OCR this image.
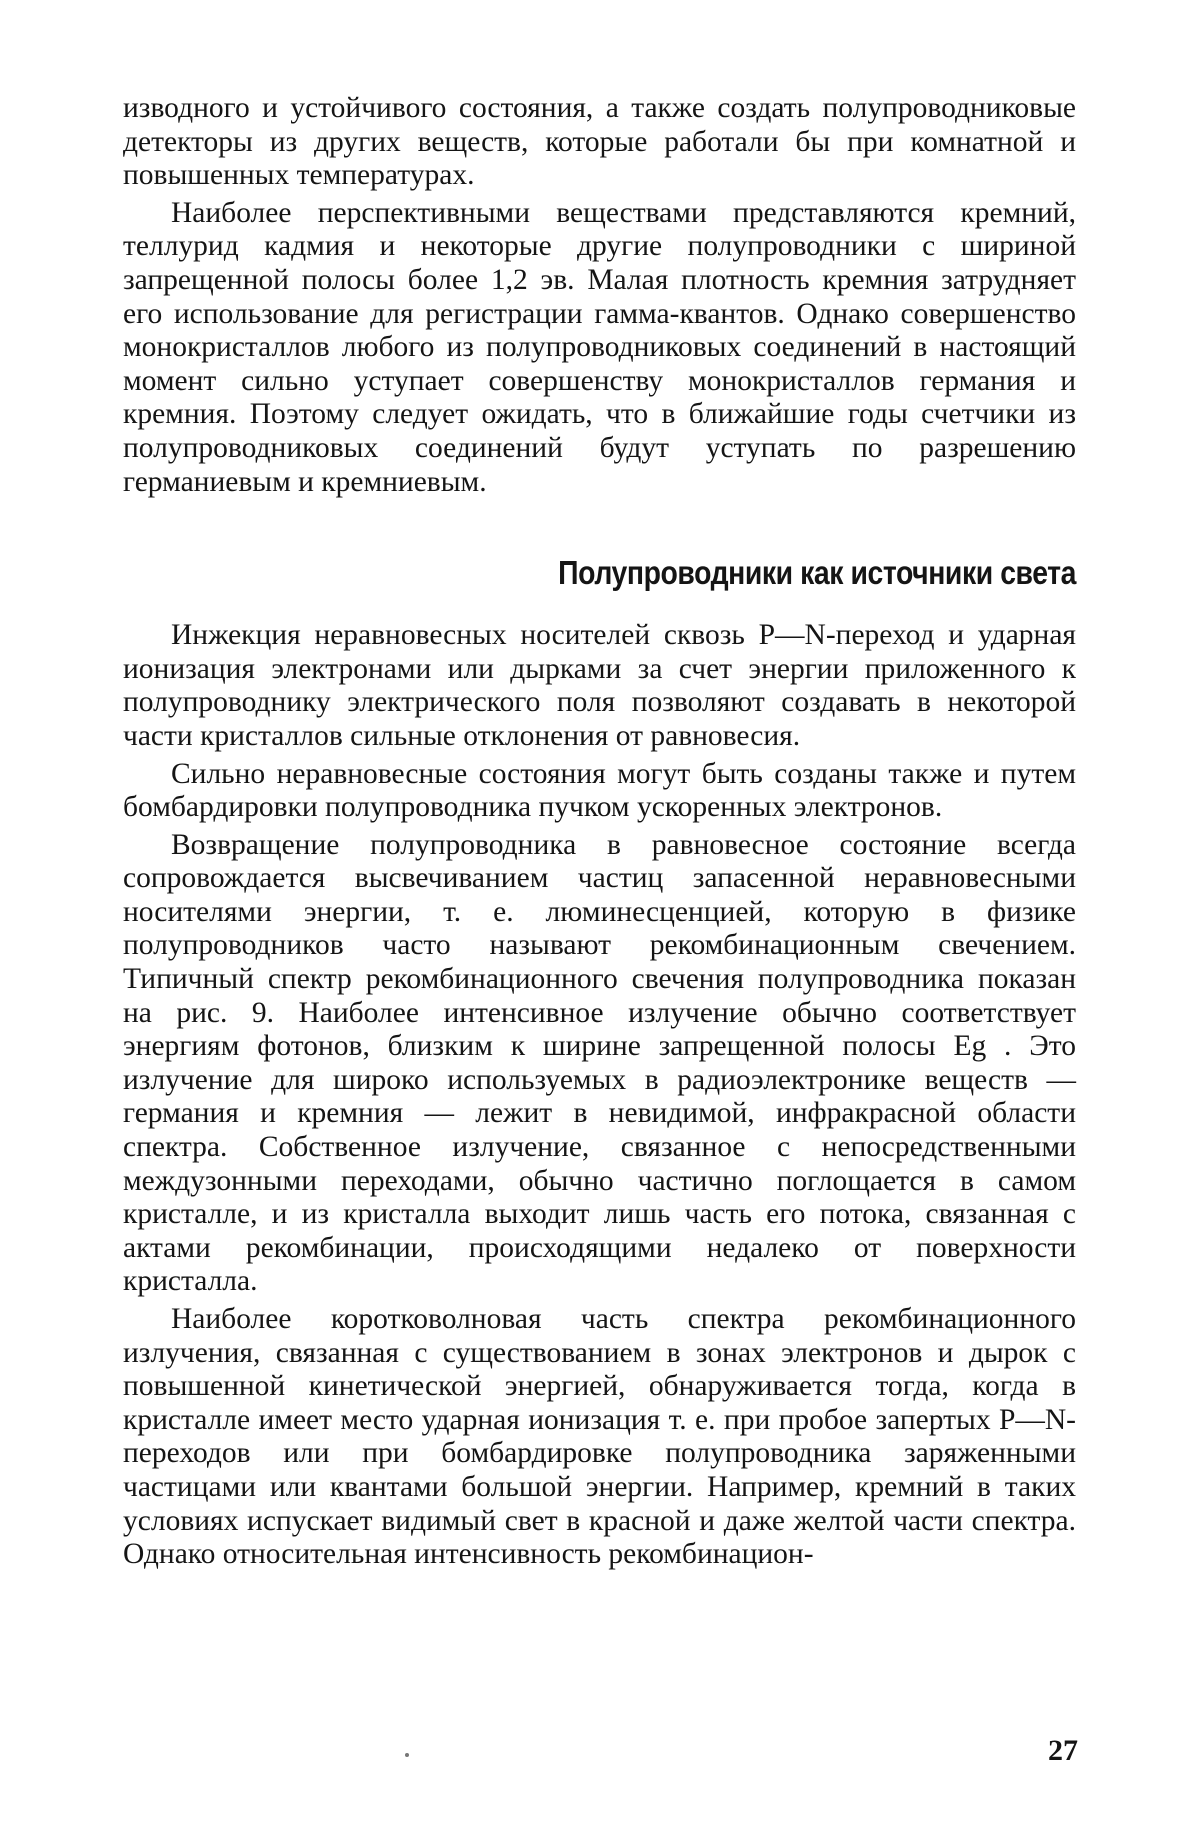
изводного и устойчивого состояния, а также создать полупроводниковые детекторы из других веществ, которые работали бы при комнатной и повышенных температурах.

Наиболее перспективными веществами представляются кремний, теллурид кадмия и некоторые другие полупроводники с шириной запрещенной полосы более 1,2 эв. Малая плотность кремния затрудняет его использование для регистрации гамма-квантов. Однако совершенство монокристаллов любого из полупроводниковых соединений в настоящий момент сильно уступает совершенству монокристаллов германия и кремния. Поэтому следует ожидать, что в ближайшие годы счетчики из полупроводниковых соединений будут уступать по разрешению германиевым и кремниевым.

Полупроводники как источники света

Инжекция неравновесных носителей сквозь P—N-переход и ударная ионизация электронами или дырками за счет энергии приложенного к полупроводнику электрического поля позволяют создавать в некоторой части кристаллов сильные отклонения от равновесия.

Сильно неравновесные состояния могут быть созданы также и путем бомбардировки полупроводника пучком ускоренных электронов.

Возвращение полупроводника в равновесное состояние всегда сопровождается высвечиванием частиц запасенной неравновесными носителями энергии, т. е. люминесценцией, которую в физике полупроводников часто называют рекомбинационным свечением. Типичный спектр рекомбинационного свечения полупроводника показан на рис. 9. Наиболее интенсивное излучение обычно соответствует энергиям фотонов, близким к ширине запрещенной полосы Eg . Это излучение для широко используемых в радиоэлектронике веществ — германия и кремния — лежит в невидимой, инфракрасной области спектра. Собственное излучение, связанное с непосредственными междузонными переходами, обычно частично поглощается в самом кристалле, и из кристалла выходит лишь часть его потока, связанная с актами рекомбинации, происходящими недалеко от поверхности кристалла.

Наиболее коротковолновая часть спектра рекомбинационного излучения, связанная с существованием в зонах электронов и дырок с повышенной кинетической энергией, обнаруживается тогда, когда в кристалле имеет место ударная ионизация т. е. при пробое запертых P—N-переходов или при бомбардировке полупроводника заряженными частицами или квантами большой энергии. Например, кремний в таких условиях испускает видимый свет в красной и даже желтой части спектра. Однако относительная интенсивность рекомбинацион-

27
